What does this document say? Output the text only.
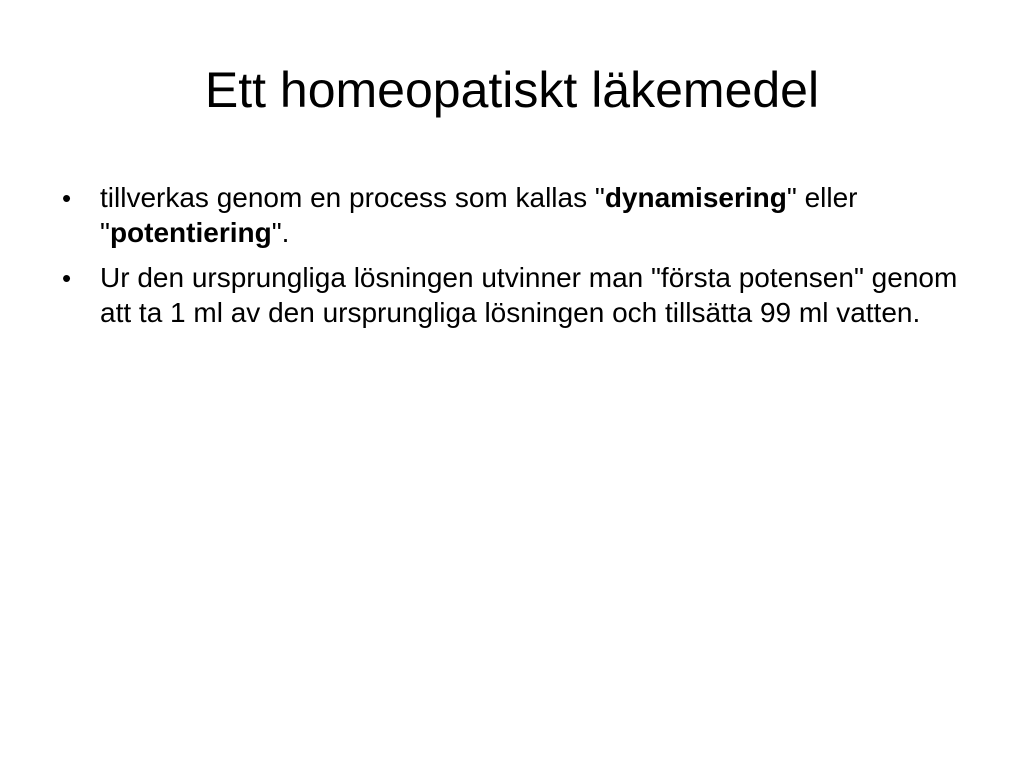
Ett homeopatiskt läkemedel
•
tillverkas genom en process som kallas "dynamisering" eller "potentiering".
•
Ur den ursprungliga lösningen utvinner man "första potensen" genom att ta 1 ml av den ursprungliga lösningen och tillsätta 99 ml vatten.
